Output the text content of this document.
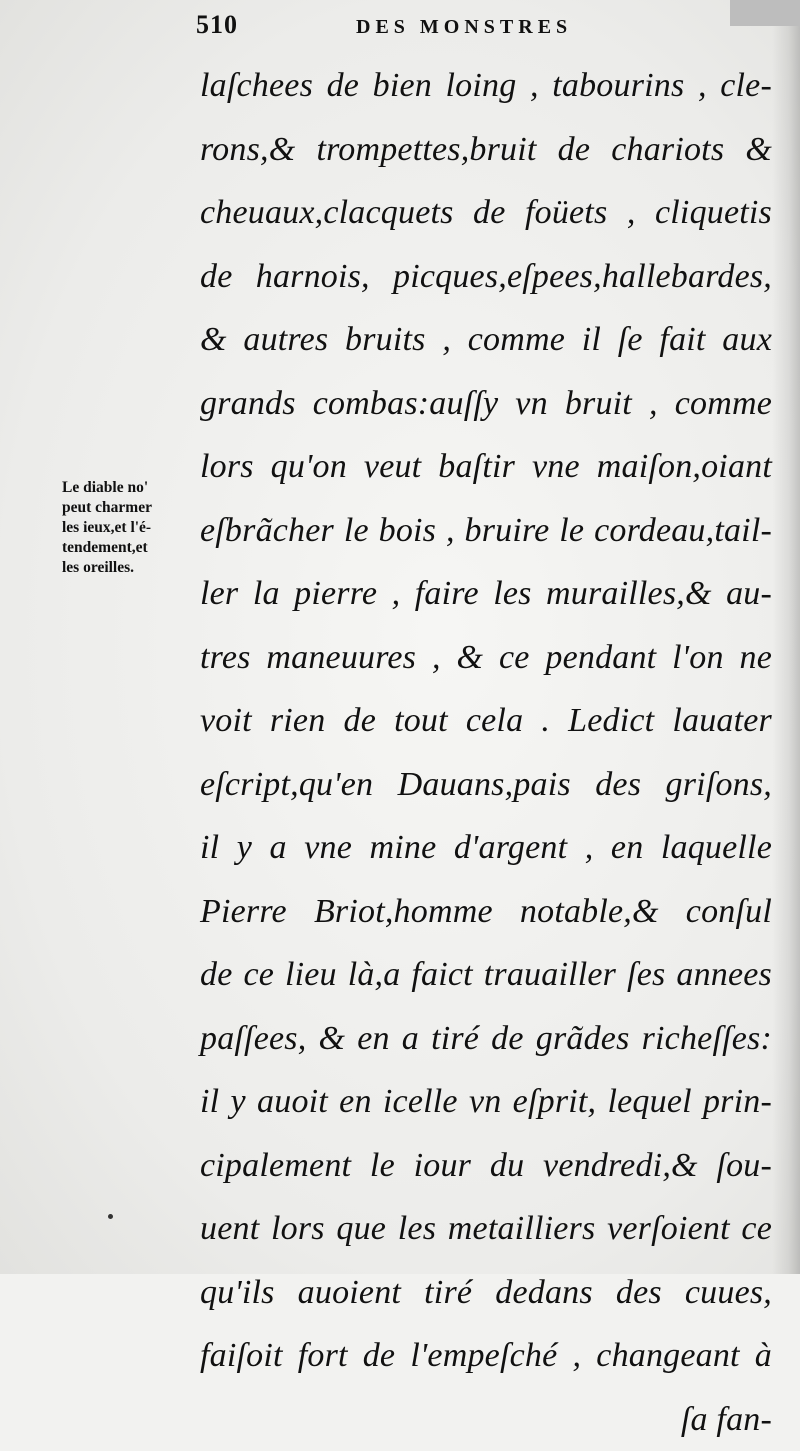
510	DES MONSTRES
Le diable no'
peut charmer
les ieux,et l'é-
tendement,et
les oreilles.
laſchees de bien loing , tabourins , cle-
rons,& trompettes,bruit de chariots &
cheuaux,clacquets de foüets , cliquetis
de harnois, picques,eſpees,hallebardes,
& autres bruits , comme il ſe fait aux
grands combas:auſſy vn bruit , comme
lors qu'on veut baſtir vne maiſon,oiant
eſbrãcher le bois , bruire le cordeau,tail-
ler la pierre , faire les murailles,& au-
tres maneuures , & ce pendant l'on ne
voit rien de tout cela . Ledict lauater
eſcript,qu'en Dauans,pais des griſons,
il y a vne mine d'argent , en laquelle
Pierre Briot,homme notable,& conſul
de ce lieu là,a faict trauailler ſes annees
paſſees, & en a tiré de grãdes richeſſes:
il y auoit en icelle vn eſprit, lequel prin-
cipalement le iour du vendredi,& ſou-
uent lors que les metailliers verſoient ce
qu'ils auoient tiré dedans des cuues,
faiſoit fort de l'empeſché , changeant à
ſa fan-
